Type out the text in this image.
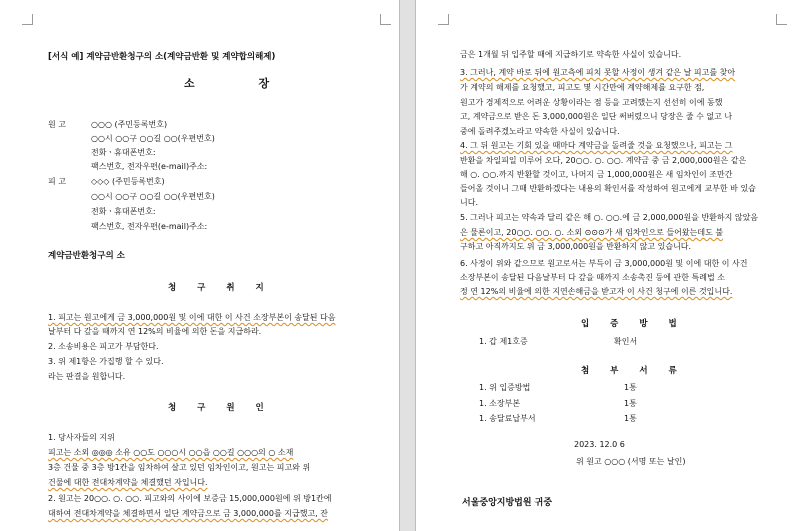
[서식 예] 계약금반환청구의 소(계약금반환 및 계약합의해제)
소 장
원 고	○○○ (주민등록번호)
○○시 ○○구 ○○길 ○○(우편번호)
전화ㆍ휴대폰번호:
팩스번호, 전자우편(e-mail)주소:
피 고	◇◇◇ (주민등록번호)
○○시 ○○구 ○○길 ○○(우편번호)
전화ㆍ휴대폰번호:
팩스번호, 전자우편(e-mail)주소:
계약금반환청구의 소
청 구 취 지
1. 피고는 원고에게 금 3,000,000원 및 이에 대한 이 사건 소장부본이 송달된 다음
날부터 다 갚을 때까지 연 12%의 비율에 의한 돈을 지급하라.
2. 소송비용은 피고가 부담한다.
3. 위 제1항은 가집행 할 수 있다.
라는 판결을 원합니다.
청 구 원 인
1. 당사자들의 지위
피고는 소외 ◎◎◎ 소유 ○○도 ○○○시 ○○읍 ○○길 ○○○의 ○ 소재
3층 건물 중 3층 방1칸을 임차하여 살고 있던 임차인이고, 원고는 피고와 위
건물에 대한 전대차계약을 체결했던 자입니다.
2. 원고는 20○○. ○. ○○. 피고와의 사이에 보증금 15,000,000원에 위 방1칸에
대하여 전대차계약을 체결하면서 일단 계약금으로 금 3,000,000를 지급했고, 잔
금은 1개월 뒤 입주할 때에 지급하기로 약속한 사실이 있습니다.
3. 그러나, 계약 바로 뒤에 원고측에 피치 못할 사정이 생겨 같은 날 피고를 찾아
가 계약의 해제를 요청했고, 피고도 몇 시간만에 계약해제를 요구한 점,
원고가 경제적으로 어려운 상황이라는 점 등을 고려했는지 선선히 이에 동했
고, 계약금으로 받은 돈 3,000,000원은 일단 써버렸으니 당장은 줄 수 없고 나
중에 돌려주겠노라고 약속한 사실이 있습니다.
4. 그 뒤 원고는 기회 있을 때마다 계약금을 돌려줄 것을 요청했으나, 피고는 그
반환을 차일피일 미루어 오다, 20○○. ○. ○○. 계약금 중 금 2,000,000원은 같은
해 ○. ○○.까지 반환할 것이고, 나머지 금 1,000,000원은 새 임차인이 조만간
들어올 것이니 그때 반환하겠다는 내용의 확인서를 작성하여 원고에게 교부한 바 있습
니다.
5. 그러나 피고는 약속과 달리 같은 해 ○. ○○.에 금 2,000,000원을 반환하지 않았음
은 물론이고, 20○○. ○○. ○. 소외 ⊙⊙⊙가 새 임차인으로 들어왔는데도 불
구하고 아직까지도 위 금 3,000,000원을 반환하지 않고 있습니다.
6. 사정이 위와 같으므로 원고로서는 부득이 금 3,000,000원 및 이에 대한 이 사건
소장부본이 송달된 다음날부터 다 갚을 때까지 소송촉진 등에 관한 특례법 소
정 연 12%의 비율에 의한 지연손해금을 받고자 이 사건 청구에 이른 것입니다.
입 증 방 법
1. 갑 제1호증	확인서
첨 부 서 류
1. 위 입증방법	1통
1. 소장부본	1통
1. 송달료납부서	1통
2023. 12.0 6
위 원고 ○○○ (서명 또는 날인)
서울중앙지방법원 귀중
